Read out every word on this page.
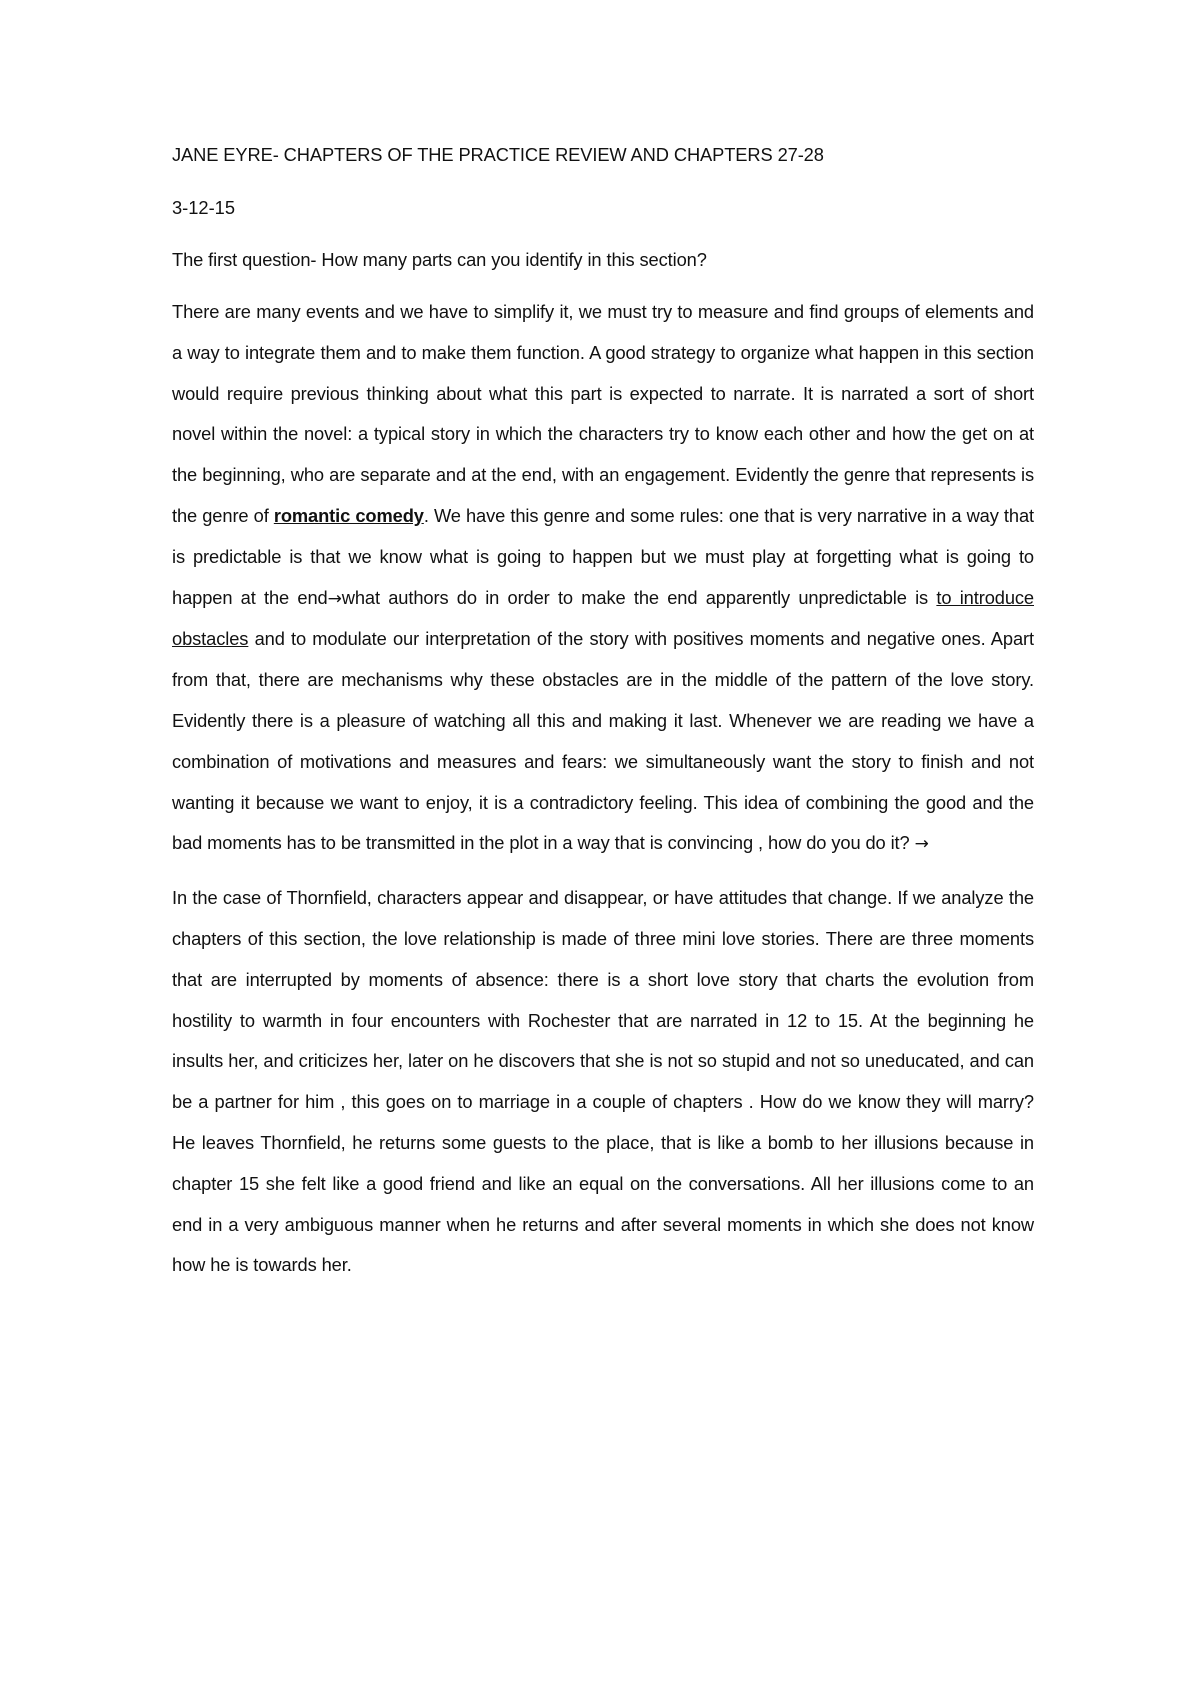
JANE EYRE- CHAPTERS OF THE PRACTICE REVIEW AND CHAPTERS 27-28
3-12-15
The first question- How many parts can you identify in this section?

There are many events and we have to simplify it, we must try to measure and find groups of elements and a way to integrate them and to make them function. A good strategy to organize what happen in this section would require previous thinking about what this part is expected to narrate. It is narrated a sort of short novel within the novel: a typical story in which the characters try to know each other and how the get on at the beginning, who are separate and at the end, with an engagement. Evidently the genre that represents is the genre of romantic comedy. We have this genre and some rules: one that is very narrative in a way that is predictable is that we know what is going to happen but we must play at forgetting what is going to happen at the end→what authors do in order to make the end apparently unpredictable is to introduce obstacles and to modulate our interpretation of the story with positives moments and negative ones. Apart from that, there are mechanisms why these obstacles are in the middle of the pattern of the love story. Evidently there is a pleasure of watching all this and making it last. Whenever we are reading we have a combination of motivations and measures and fears: we simultaneously want the story to finish and not wanting it because we want to enjoy, it is a contradictory feeling. This idea of combining the good and the bad moments has to be transmitted in the plot in a way that is convincing , how do you do it? →

In the case of Thornfield, characters appear and disappear, or have attitudes that change. If we analyze the chapters of this section, the love relationship is made of three mini love stories. There are three moments that are interrupted by moments of absence: there is a short love story that charts the evolution from hostility to warmth in four encounters with Rochester that are narrated in 12 to 15. At the beginning he insults her, and criticizes her, later on he discovers that she is not so stupid and not so uneducated, and can be a partner for him , this goes on to marriage in a couple of chapters . How do we know they will marry? He leaves Thornfield, he returns some guests to the place, that is like a bomb to her illusions because in chapter 15 she felt like a good friend and like an equal on the conversations. All her illusions come to an end in a very ambiguous manner when he returns and after several moments in which she does not know how he is towards her.
